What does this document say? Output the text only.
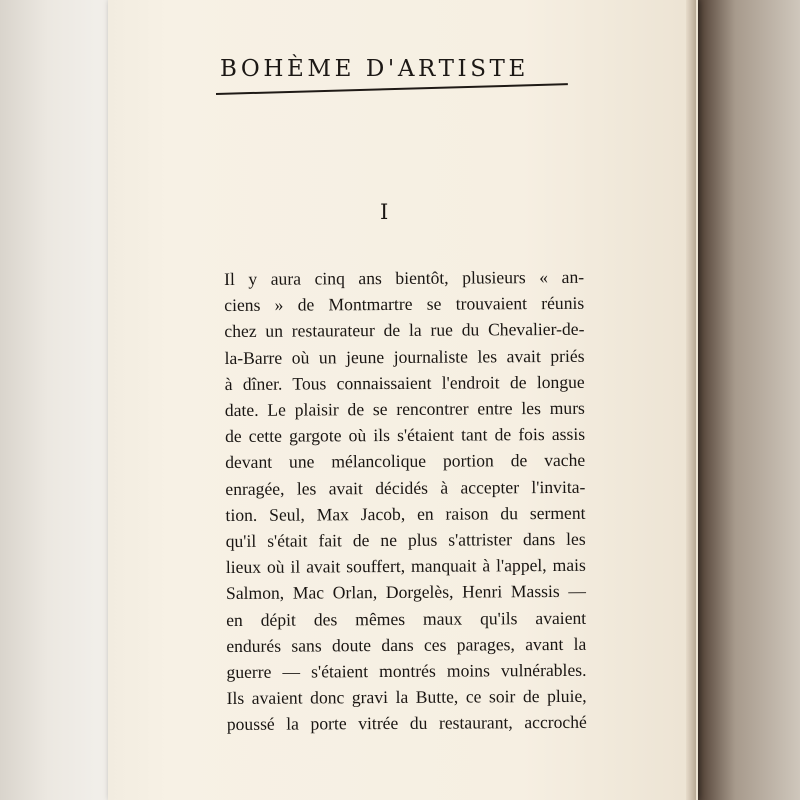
BOHÈME D'ARTISTE
I
Il y aura cinq ans bientôt, plusieurs « an-
ciens » de Montmartre se trouvaient réunis
chez un restaurateur de la rue du Chevalier-de-
la-Barre où un jeune journaliste les avait priés
à dîner. Tous connaissaient l'endroit de longue
date. Le plaisir de se rencontrer entre les murs
de cette gargote où ils s'étaient tant de fois assis
devant une mélancolique portion de vache
enragée, les avait décidés à accepter l'invita-
tion. Seul, Max Jacob, en raison du serment
qu'il s'était fait de ne plus s'attrister dans les
lieux où il avait souffert, manquait à l'appel, mais
Salmon, Mac Orlan, Dorgelès, Henri Massis —
en dépit des mêmes maux qu'ils avaient
endurés sans doute dans ces parages, avant la
guerre — s'étaient montrés moins vulnérables.
Ils avaient donc gravi la Butte, ce soir de pluie,
poussé la porte vitrée du restaurant, accroché
